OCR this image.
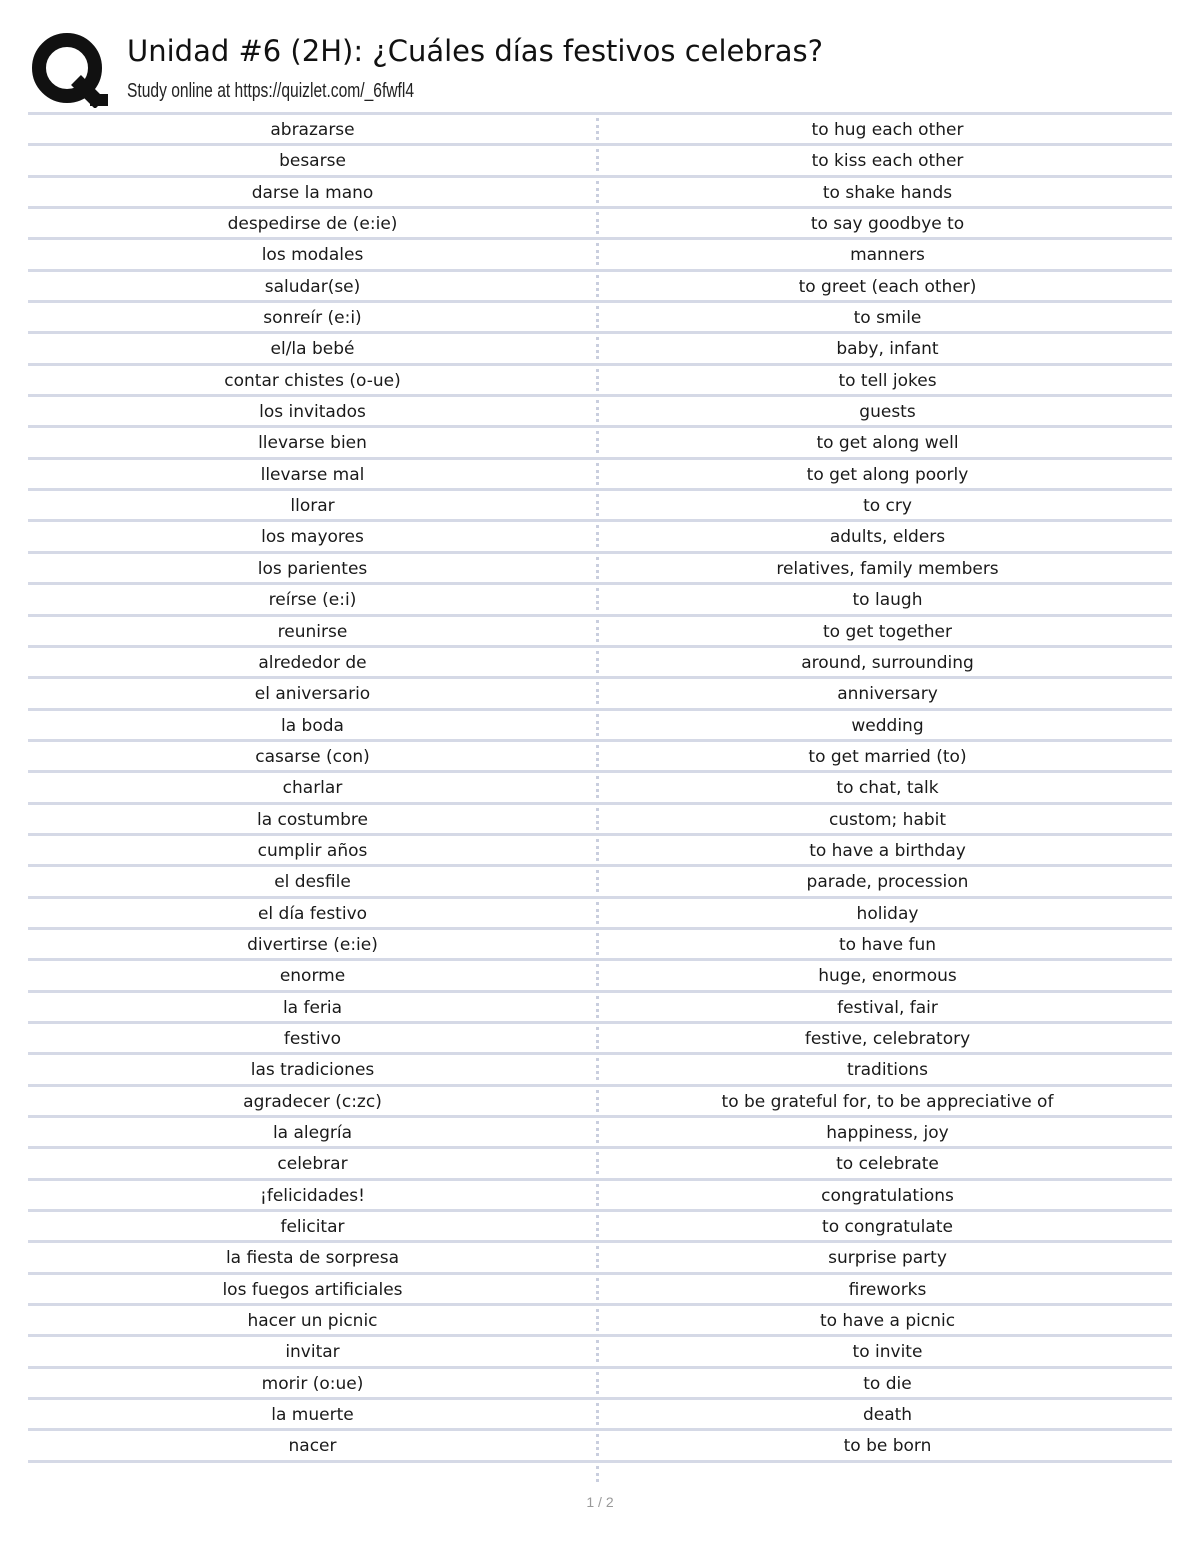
Unidad #6 (2H): ¿Cuáles días festivos celebras?
Study online at https://quizlet.com/_6fwfl4
abrazarse	to hug each other
besarse	to kiss each other
darse la mano	to shake hands
despedirse de (e:ie)	to say goodbye to
los modales	manners
saludar(se)	to greet (each other)
sonreír (e:i)	to smile
el/la bebé	baby, infant
contar chistes (o-ue)	to tell jokes
los invitados	guests
llevarse bien	to get along well
llevarse mal	to get along poorly
llorar	to cry
los mayores	adults, elders
los parientes	relatives, family members
reírse (e:i)	to laugh
reunirse	to get together
alrededor de	around, surrounding
el aniversario	anniversary
la boda	wedding
casarse (con)	to get married (to)
charlar	to chat, talk
la costumbre	custom; habit
cumplir años	to have a birthday
el desfile	parade, procession
el día festivo	holiday
divertirse (e:ie)	to have fun
enorme	huge, enormous
la feria	festival, fair
festivo	festive, celebratory
las tradiciones	traditions
agradecer (c:zc)	to be grateful for, to be appreciative of
la alegría	happiness, joy
celebrar	to celebrate
¡felicidades!	congratulations
felicitar	to congratulate
la fiesta de sorpresa	surprise party
los fuegos artificiales	fireworks
hacer un picnic	to have a picnic
invitar	to invite
morir (o:ue)	to die
la muerte	death
nacer	to be born
1 / 2
